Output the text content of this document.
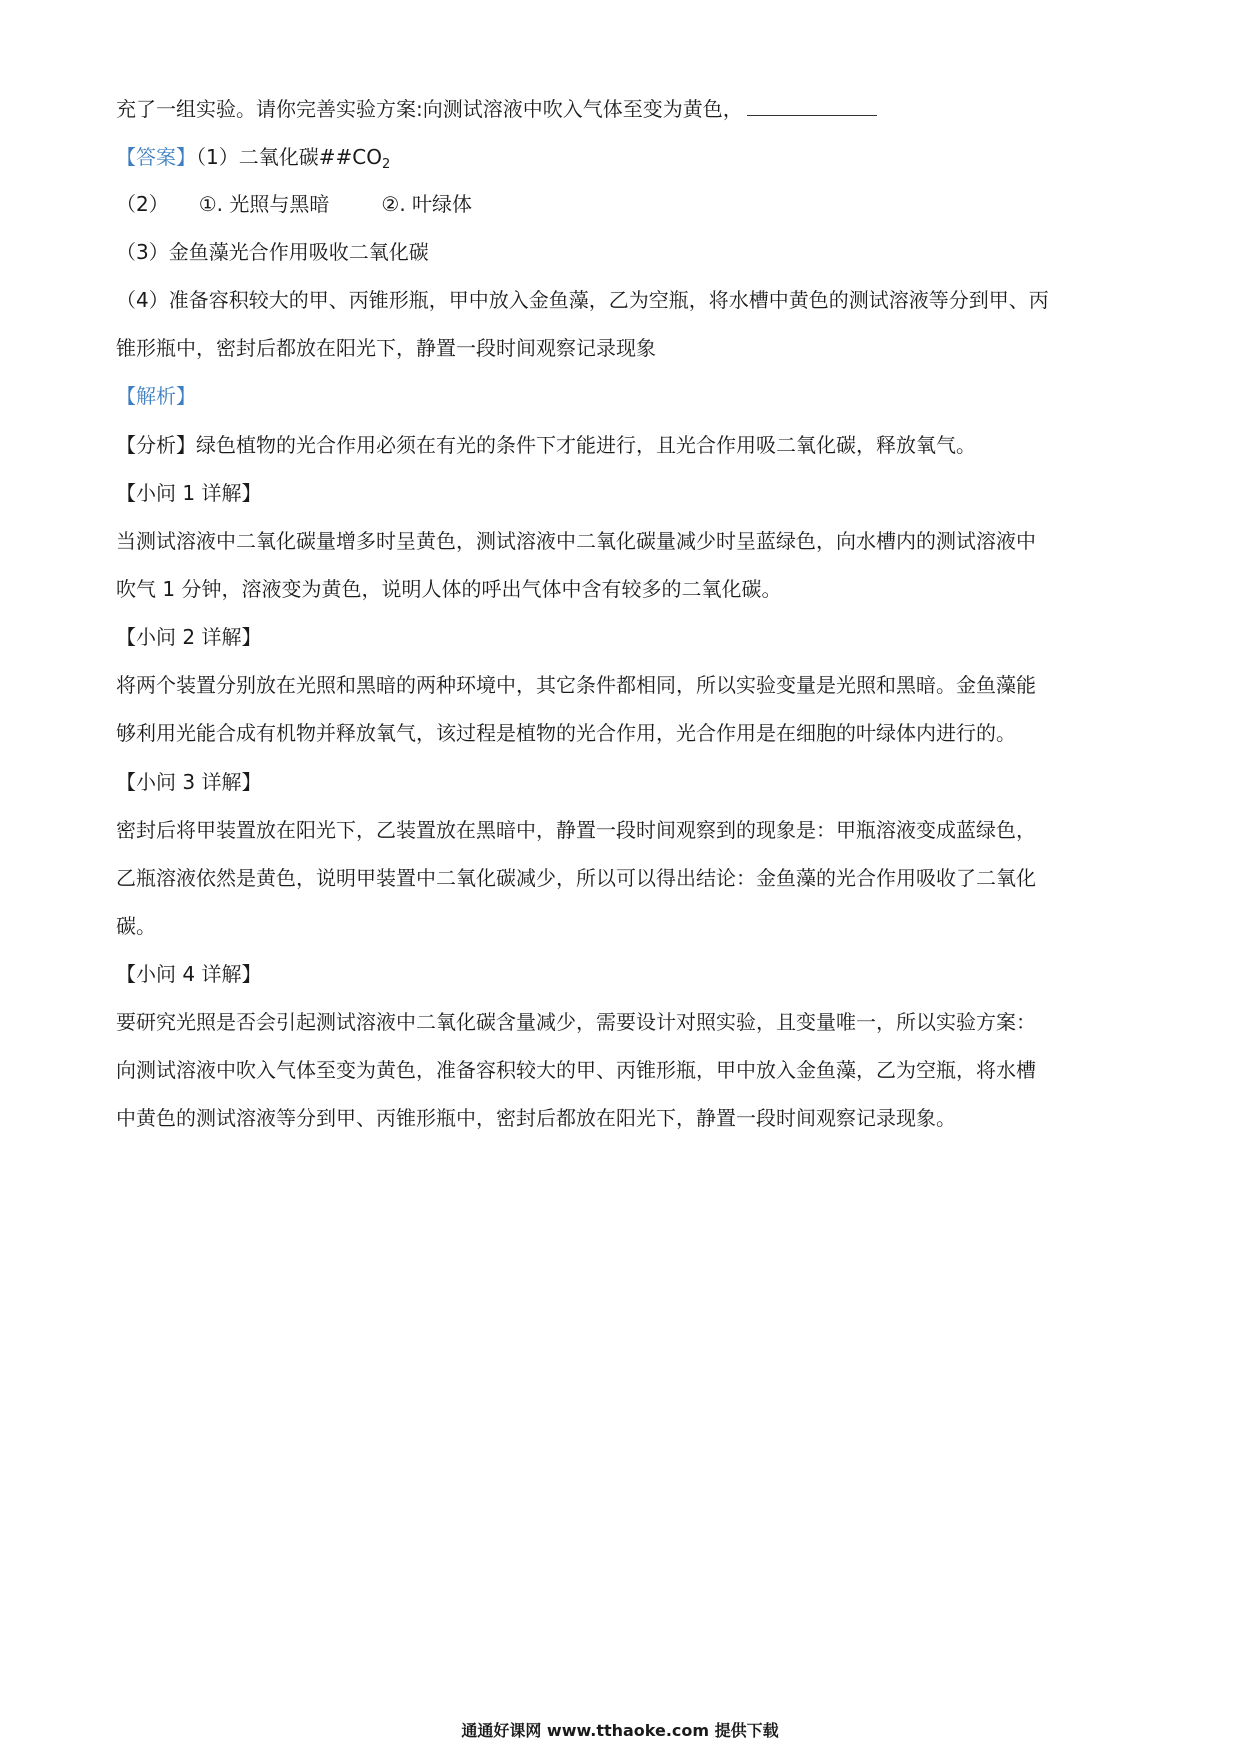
充了一组实验。请你完善实验方案:向测试溶液中吹入气体至变为黄色，
【答案】（1）二氧化碳$\#\#CO_2$
（2） ①. 光照与黑暗	②. 叶绿体
（3）金鱼藻光合作用吸收二氧化碳
（4）准备容积较大的甲、丙锥形瓶，甲中放入金鱼藻，乙为空瓶，将水槽中黄色的测试溶液等分到甲、丙
锥形瓶中，密封后都放在阳光下，静置一段时间观察记录现象
【解析】
【分析】绿色植物的光合作用必须在有光的条件下才能进行，且光合作用吸二氧化碳，释放氧气。
【小问 1 详解】
当测试溶液中二氧化碳量增多时呈黄色，测试溶液中二氧化碳量减少时呈蓝绿色，向水槽内的测试溶液中
吹气 1 分钟，溶液变为黄色，说明人体的呼出气体中含有较多的二氧化碳。
【小问 2 详解】
将两个装置分别放在光照和黑暗的两种环境中，其它条件都相同，所以实验变量是光照和黑暗。金鱼藻能
够利用光能合成有机物并释放氧气，该过程是植物的光合作用，光合作用是在细胞的叶绿体内进行的。
【小问 3 详解】
密封后将甲装置放在阳光下，乙装置放在黑暗中，静置一段时间观察到的现象是：甲瓶溶液变成蓝绿色，
乙瓶溶液依然是黄色，说明甲装置中二氧化碳减少，所以可以得出结论：金鱼藻的光合作用吸收了二氧化
碳。
【小问 4 详解】
要研究光照是否会引起测试溶液中二氧化碳含量减少，需要设计对照实验，且变量唯一，所以实验方案：
向测试溶液中吹入气体至变为黄色，准备容积较大的甲、丙锥形瓶，甲中放入金鱼藻，乙为空瓶，将水槽
中黄色的测试溶液等分到甲、丙锥形瓶中，密封后都放在阳光下，静置一段时间观察记录现象。
通通好课网 www.tthaoke.com 提供下载
